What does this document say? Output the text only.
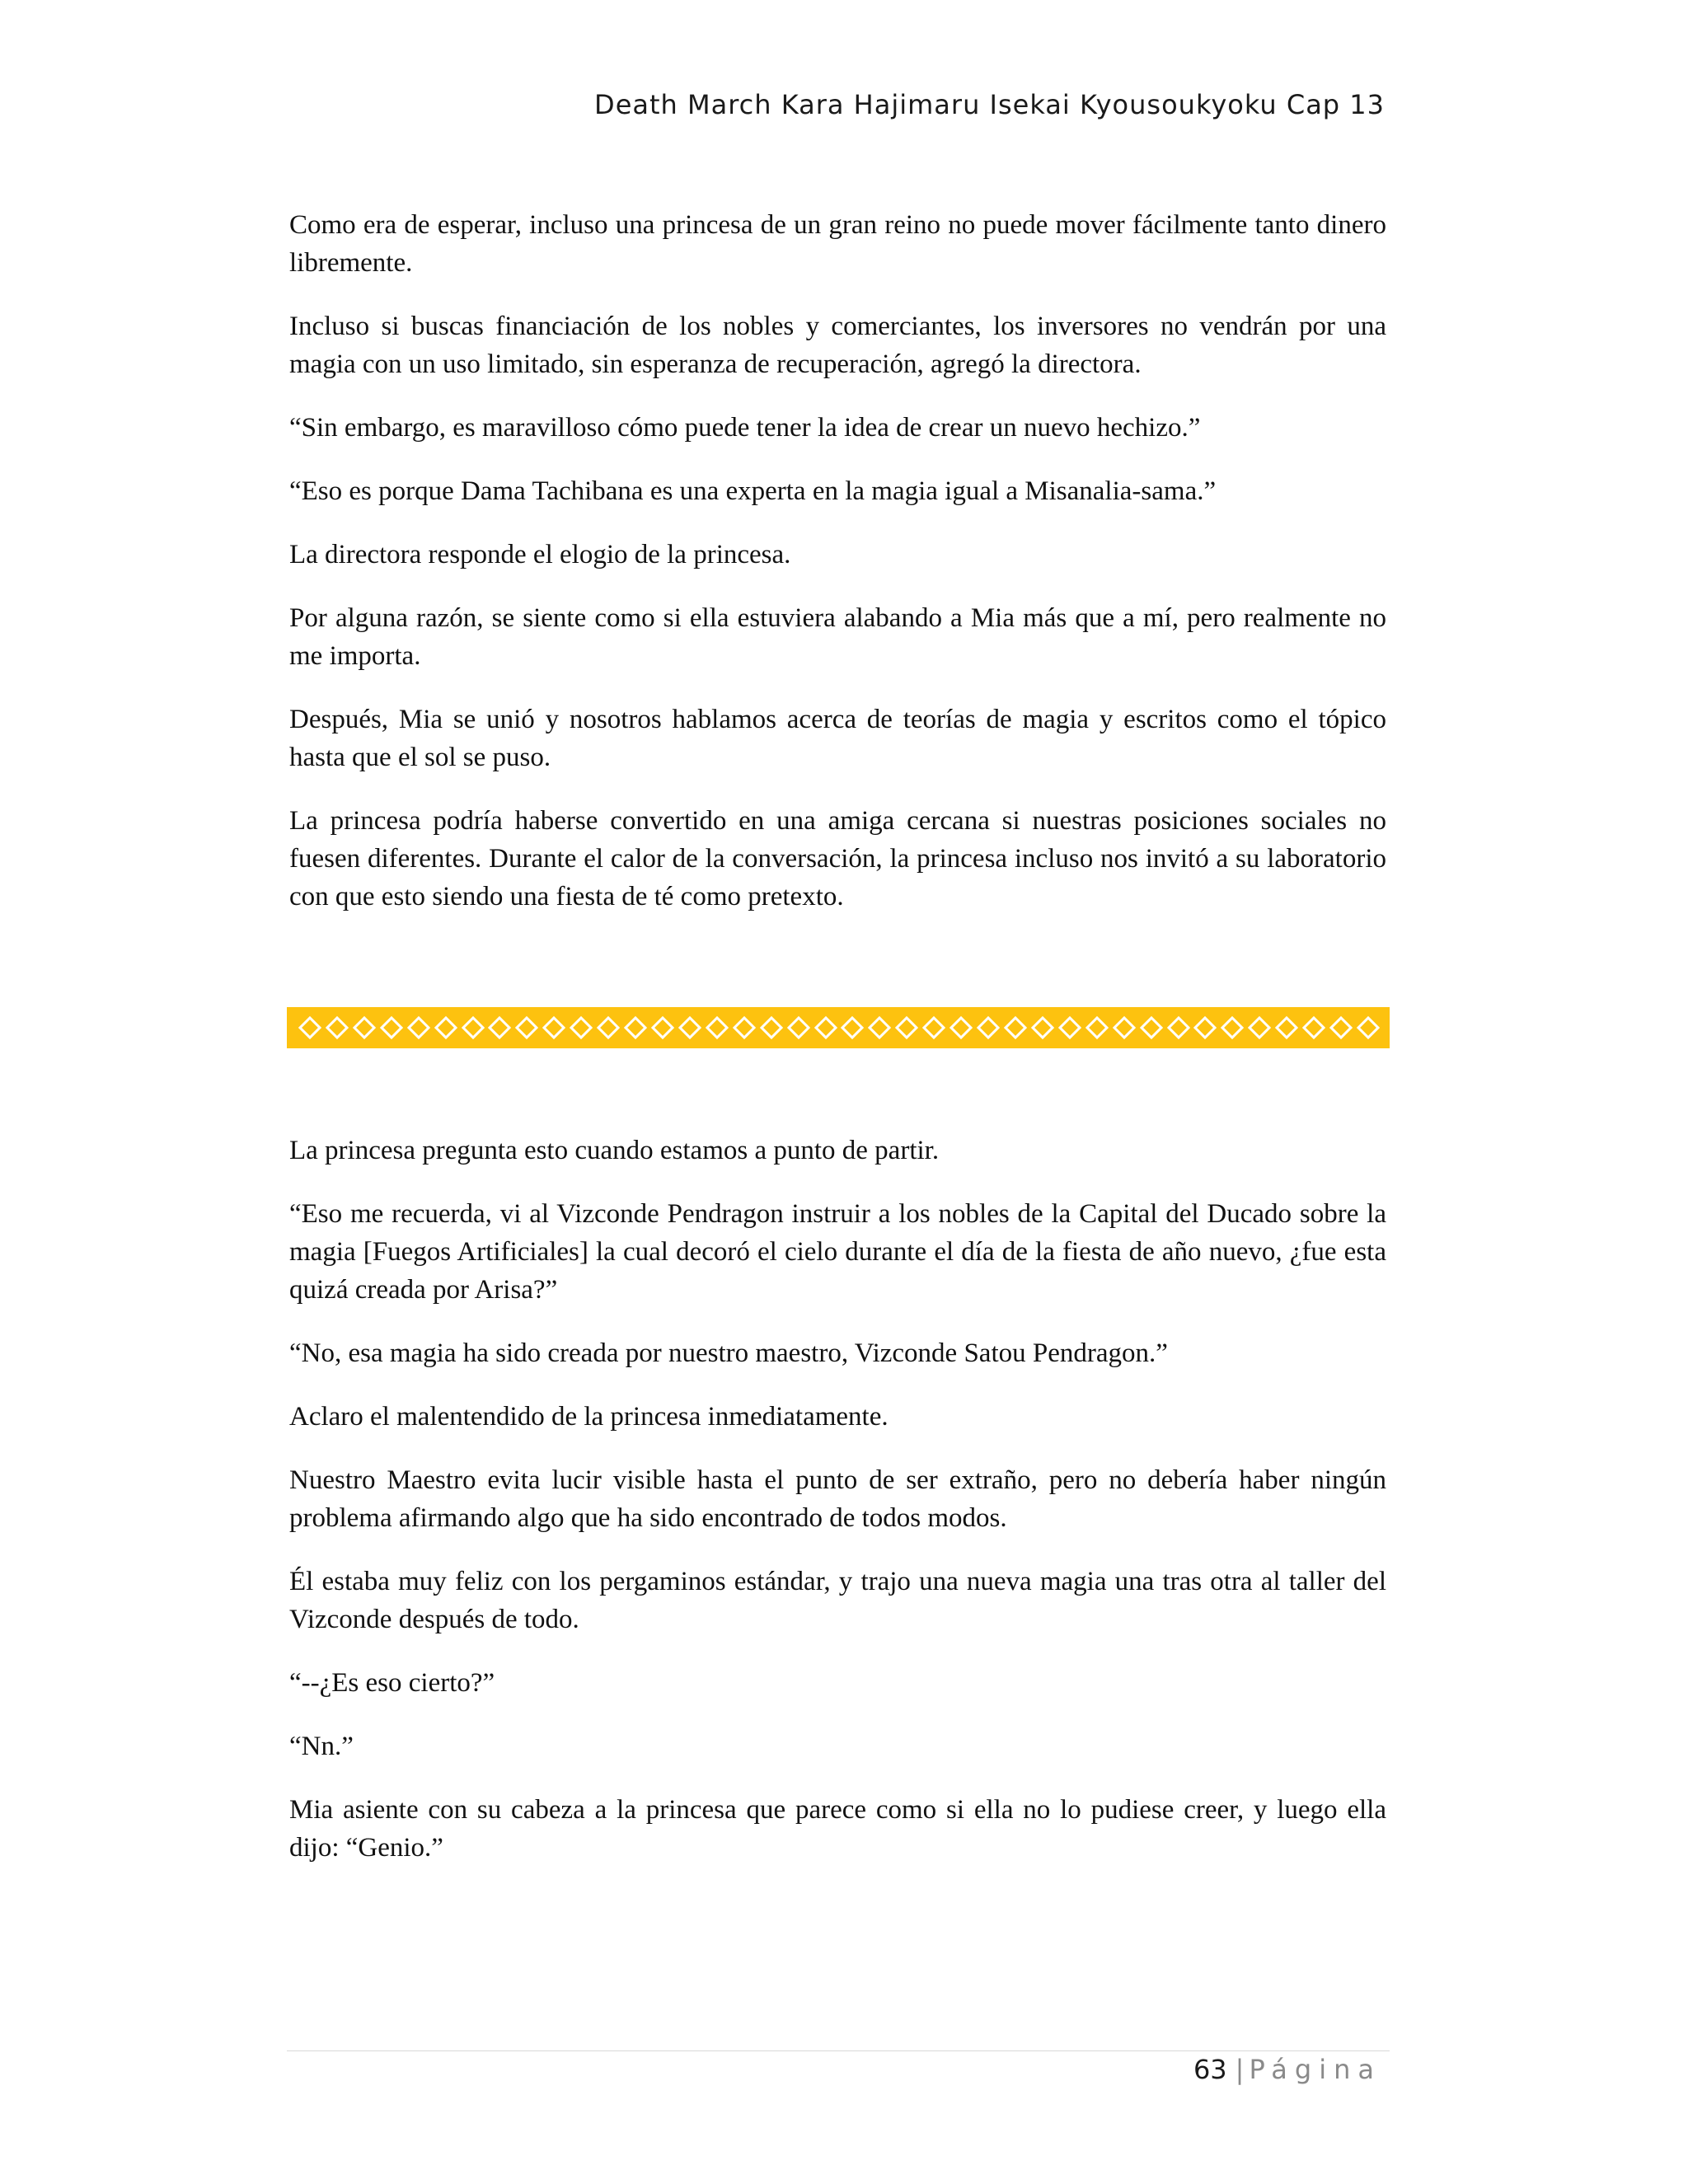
Death March Kara Hajimaru Isekai Kyousoukyoku Cap 13

Como era de esperar, incluso una princesa de un gran reino no puede mover fácilmente tanto dinero libremente.

Incluso si buscas financiación de los nobles y comerciantes, los inversores no vendrán por una magia con un uso limitado, sin esperanza de recuperación, agregó la directora.

“Sin embargo, es maravilloso cómo puede tener la idea de crear un nuevo hechizo.”

“Eso es porque Dama Tachibana es una experta en la magia igual a Misanalia-sama.”

La directora responde el elogio de la princesa.

Por alguna razón, se siente como si ella estuviera alabando a Mia más que a mí, pero realmente no me importa.

Después, Mia se unió y nosotros hablamos acerca de teorías de magia y escritos como el tópico hasta que el sol se puso.

La princesa podría haberse convertido en una amiga cercana si nuestras posiciones sociales no fuesen diferentes. Durante el calor de la conversación, la princesa incluso nos invitó a su laboratorio con que esto siendo una fiesta de té como pretexto.

La princesa pregunta esto cuando estamos a punto de partir.

“Eso me recuerda, vi al Vizconde Pendragon instruir a los nobles de la Capital del Ducado sobre la magia [Fuegos Artificiales] la cual decoró el cielo durante el día de la fiesta de año nuevo, ¿fue esta quizá creada por Arisa?”

“No, esa magia ha sido creada por nuestro maestro, Vizconde Satou Pendragon.”

Aclaro el malentendido de la princesa inmediatamente.

Nuestro Maestro evita lucir visible hasta el punto de ser extraño, pero no debería haber ningún problema afirmando algo que ha sido encontrado de todos modos.

Él estaba muy feliz con los pergaminos estándar, y trajo una nueva magia una tras otra al taller del Vizconde después de todo.

“--¿Es eso cierto?”

“Nn.”

Mia asiente con su cabeza a la princesa que parece como si ella no lo pudiese creer, y luego ella dijo: “Genio.”

63 | Página
